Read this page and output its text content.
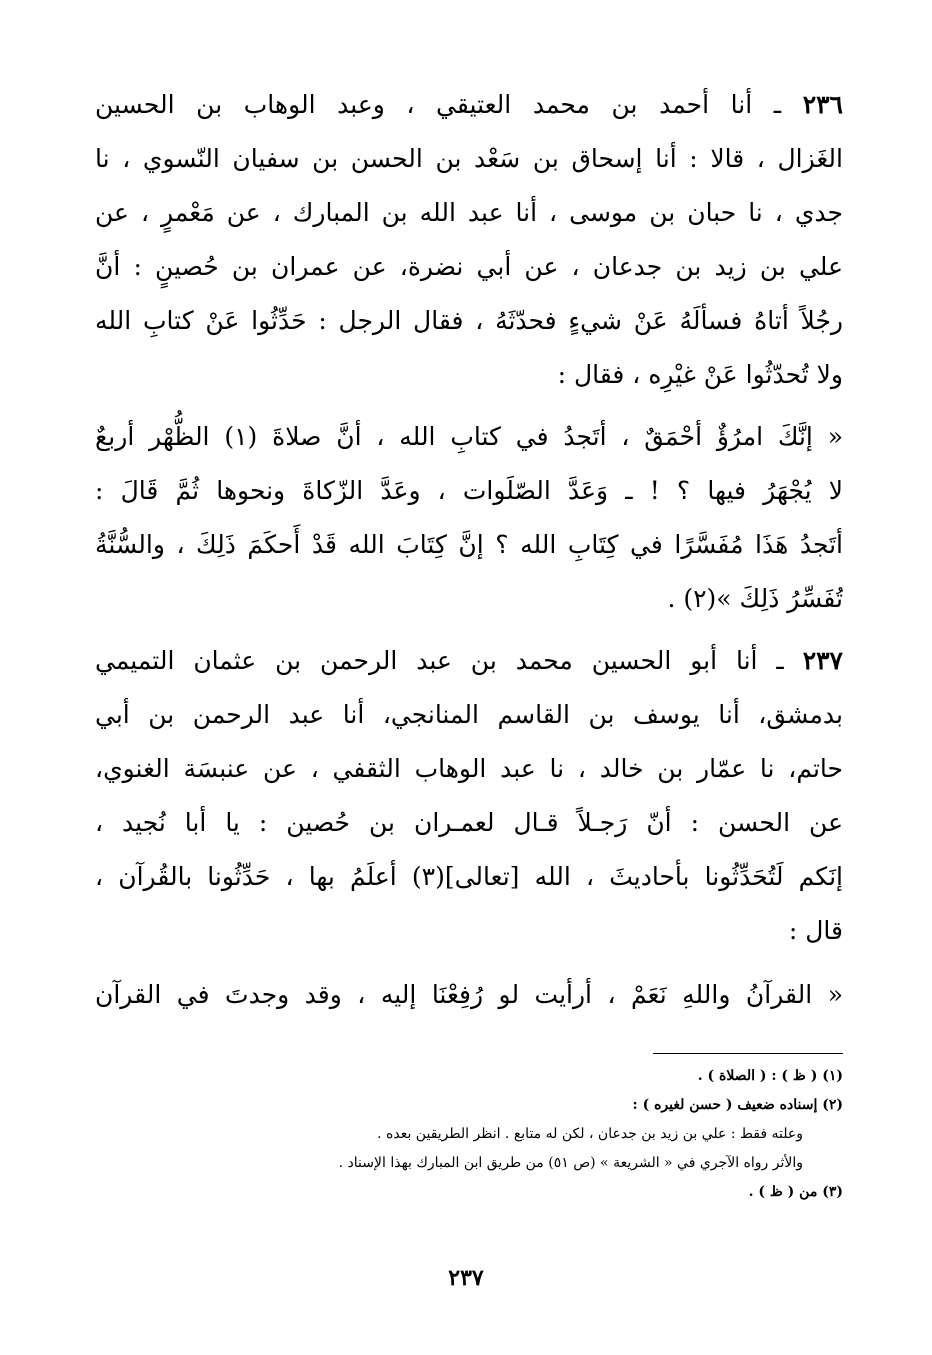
٢٣٦ ـ أنا أحمد بن محمد العتيقي ، وعبد الوهاب بن الحسين
الغَزال ، قالا : أنا إسحاق بن سَعْد بن الحسن بن سفيان النّسوي ، نا
جدي ، نا حبان بن موسى ، أنا عبد الله بن المبارك ، عن مَعْمرٍ ، عن
علي بن زيد بن جدعان ، عن أبي نضرة، عن عمران بن حُصينٍ : أنَّ
رجُلاً أتاهُ فسألَهُ عَنْ شيءٍ فحدّثَهُ ، فقال الرجل : حَدِّثُوا عَنْ كتابِ الله
ولا تُحدّثُوا عَنْ غيْرِه ، فقال :
« إنَّكَ امرُؤٌ أحْمَقٌ ، أتَجدُ في كتابِ الله ، أنَّ صلاةَ (١) الظُّهْر أربعٌ
لا يُجْهَرُ فيها ؟ ! ـ وَعَدَّ الصّلَوات ، وعَدَّ الزّكاةَ ونحوها ثُمَّ قَالَ :
أتَجدُ هَذَا مُفَسَّرًا في كِتَابِ الله ؟ إنَّ كِتَابَ الله قَدْ أَحكَمَ ذَلِكَ ، والسُّنَّةُ
تُفَسِّرُ ذَلِكَ »(٢) .
٢٣٧ ـ أنا أبو الحسين محمد بن عبد الرحمن بن عثمان التميمي
بدمشق، أنا يوسف بن القاسم المنانجي، أنا عبد الرحمن بن أبي
حاتم، نا عمّار بن خالد ، نا عبد الوهاب الثقفي ، عن عنبسَة الغنوي،
عن الحسن : أنّ رَجـلاً قـال لعمـران بن حُصين : يا أبا نُجيد ،
إنَكم لَتُحَدِّثُونا بأحاديثَ ، الله [تعالى](٣) أعلَمُ بها ، حَدِّثُونا بالقُرآن ،
قال :
« القرآنُ واللهِ نَعَمْ ، أرأيت لو رُفِعْنَا إليه ، وقد وجدتَ في القرآن
(١) ( ظ ) : ( الصلاة ) .
(٢) إسناده ضعيف ( حسن لغيره ) :
وعلته فقط : علي بن زيد بن جدعان ، لكن له متابع . انظر الطريقين بعده .
والأثر رواه الآجري في « الشريعة » (ص ٥١) من طريق ابن المبارك بهذا الإسناد .
(٣) من ( ظ ) .
٢٣٧
